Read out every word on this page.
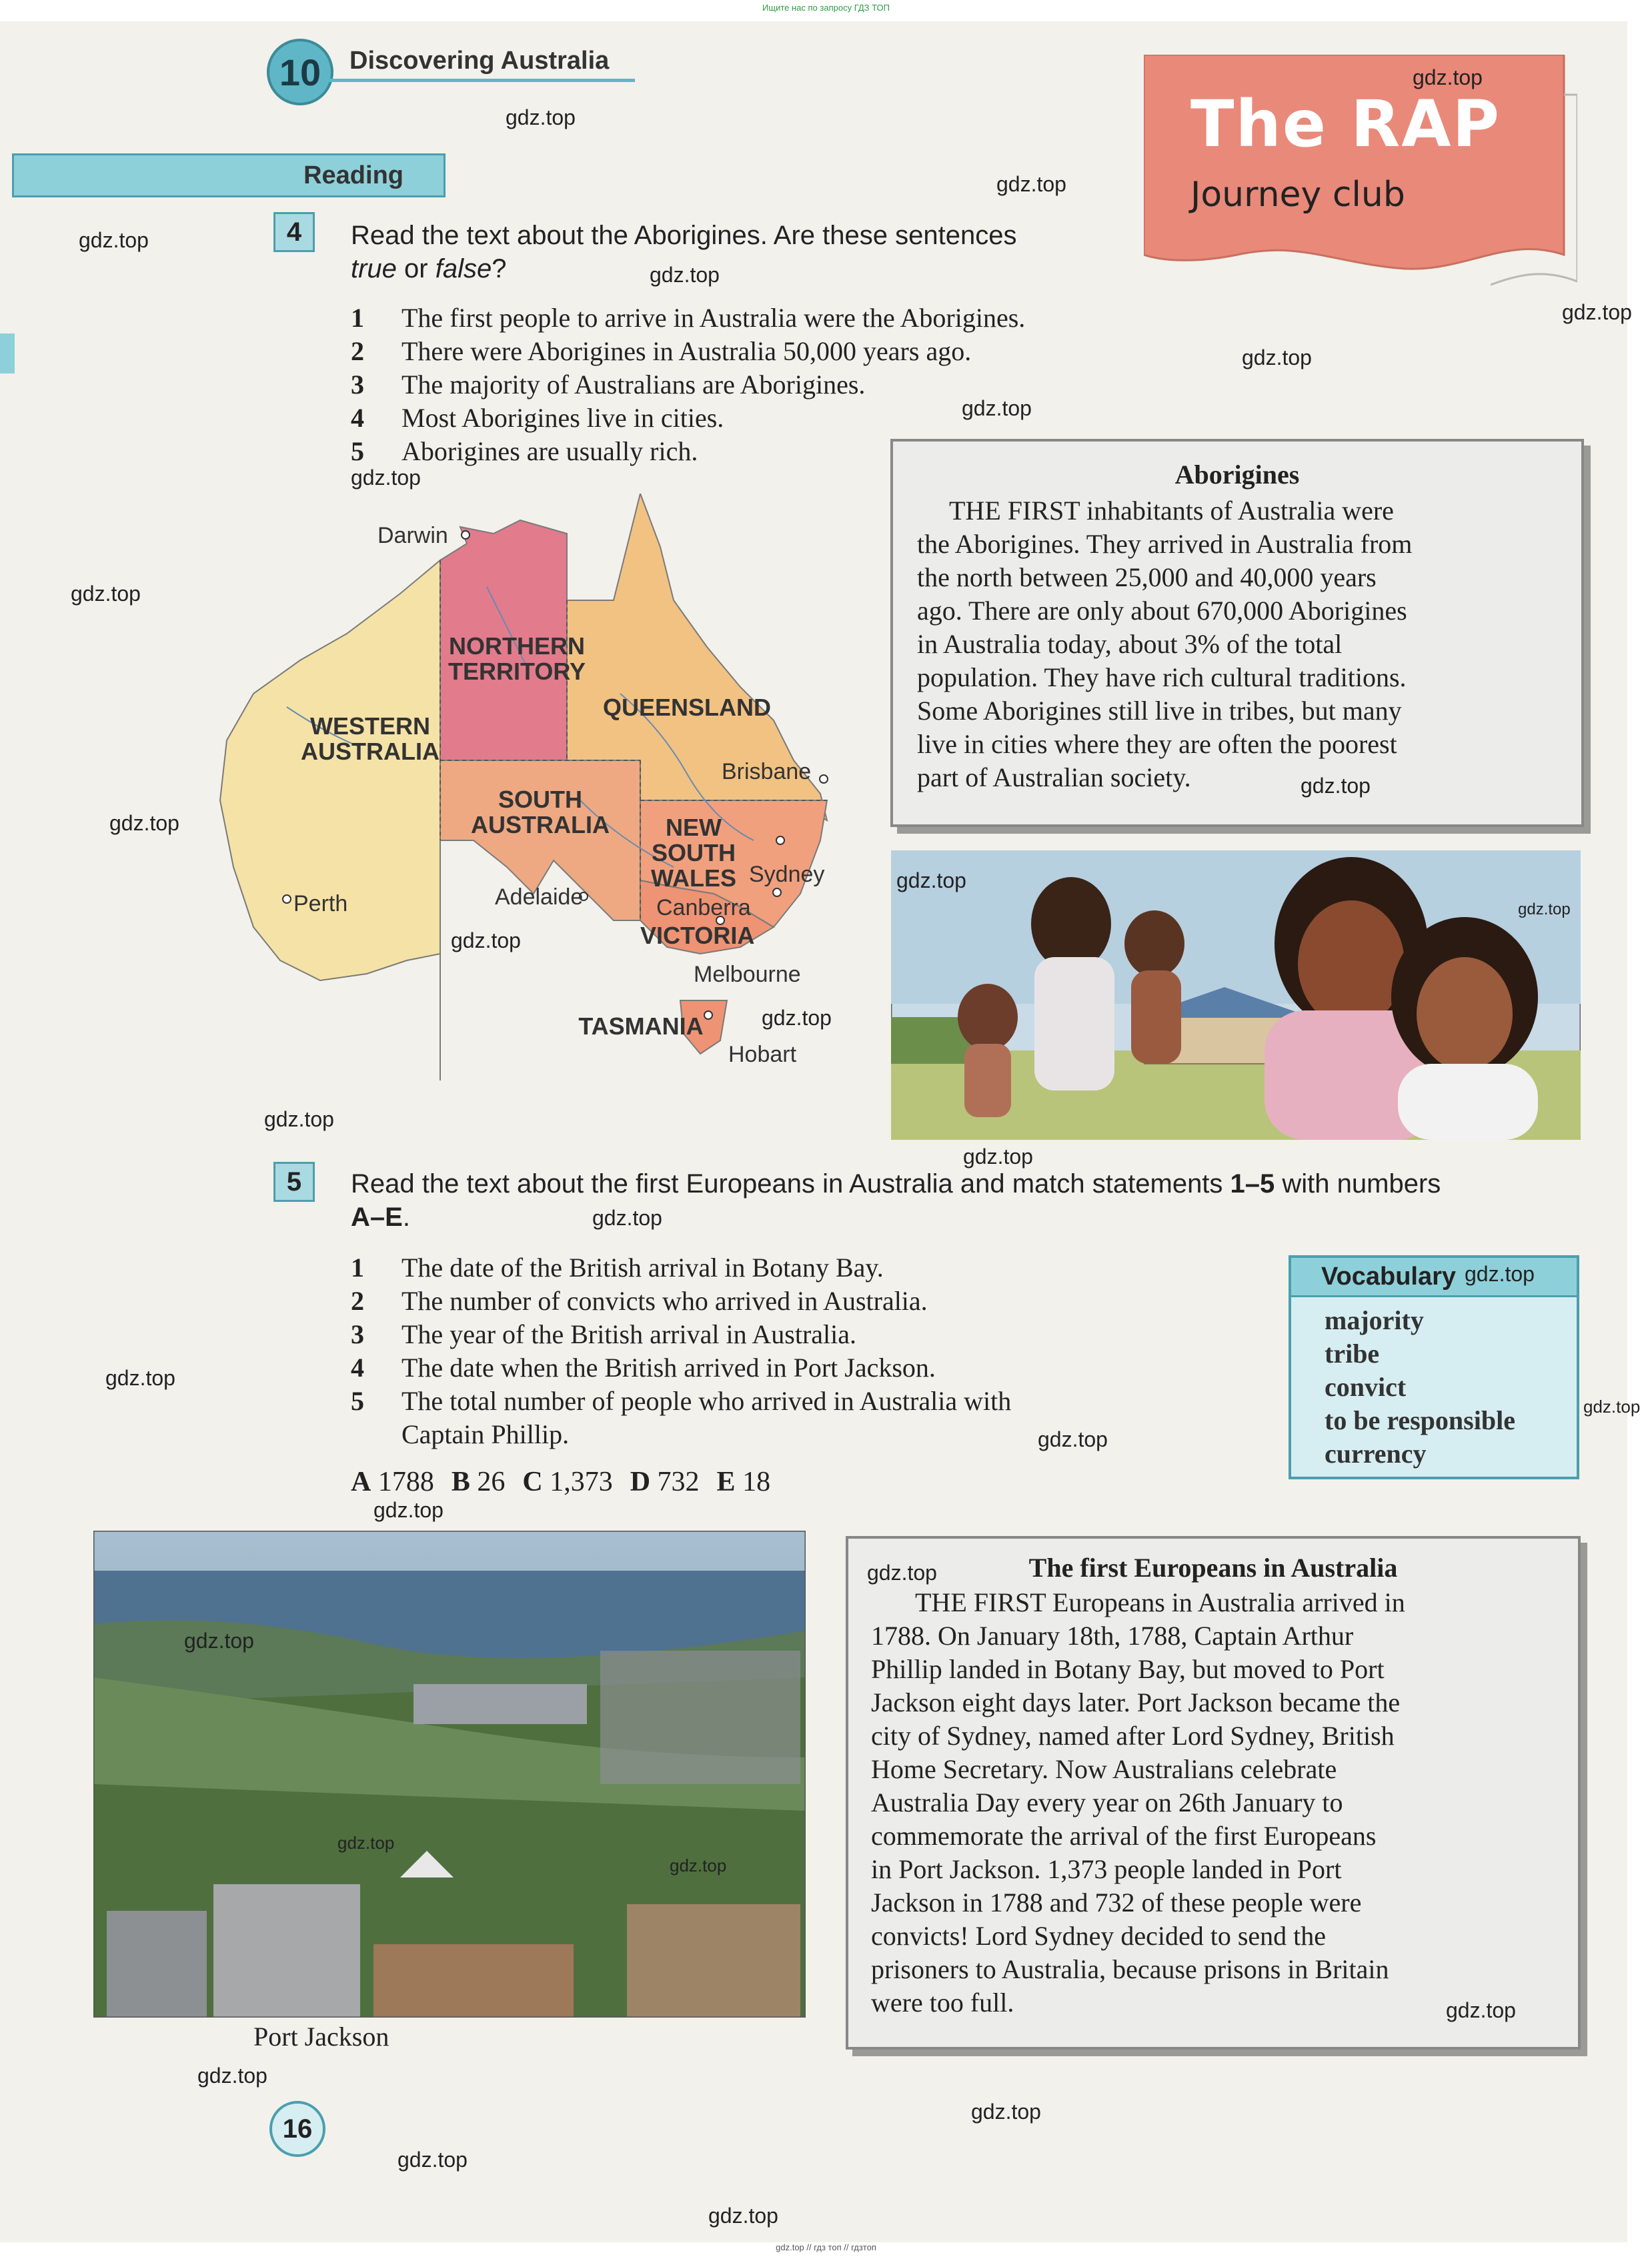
Ищите нас по запросу ГДЗ ТОП
10	Discovering Australia
Reading
The RAP
Journey club
4	Read the text about the Aborigines. Are these sentences
true or false?
1	The first people to arrive in Australia were the Aborigines.
2	There were Aborigines in Australia 50,000 years ago.
3	The majority of Australians are Aborigines.
4	Most Aborigines live in cities.
5	Aborigines are usually rich.
Aborigines
THE FIRST inhabitants of Australia were
the Aborigines. They arrived in Australia from
the north between 25,000 and 40,000 years
ago. There are only about 670,000 Aborigines
in Australia today, about 3% of the total
population. They have rich cultural traditions.
Some Aborigines still live in tribes, but many
live in cities where they are often the poorest
part of Australian society.
WESTERN
AUSTRALIA
NORTHERN
TERRITORY
QUEENSLAND
SOUTH
AUSTRALIA	NEW
SOUTH
WALES
VICTORIA
TASMANIA
Darwin
Brisbane
Sydney
Canberra
Adelaide
Perth
Melbourne
Hobart
5	Read the text about the first Europeans in Australia and match statements 1–5 with numbers
A–E.
1	The date of the British arrival in Botany Bay.
2	The number of convicts who arrived in Australia.
3	The year of the British arrival in Australia.
4	The date when the British arrived in Port Jackson.
5	The total number of people who arrived in Australia with
Captain Phillip.
A 1788 B 26 C 1,373 D 732 E 18
Vocabulary
majority
tribe
convict
to be responsible
currency
Port Jackson
The first Europeans in Australia
THE FIRST Europeans in Australia arrived in
1788. On January 18th, 1788, Captain Arthur
Phillip landed in Botany Bay, but moved to Port
Jackson eight days later. Port Jackson became the
city of Sydney, named after Lord Sydney, British
Home Secretary. Now Australians celebrate
Australia Day every year on 26th January to
commemorate the arrival of the first Europeans
in Port Jackson. 1,373 people landed in Port
Jackson in 1788 and 732 of these people were
convicts! Lord Sydney decided to send the
prisoners to Australia, because prisons in Britain
were too full.
16
gdz.top
gdz.top
gdz.top
gdz.top
gdz.top
gdz.top
gdz.top
gdz.top
gdz.top
gdz.top
gdz.top
gdz.top
gdz.top
gdz.top
gdz.top
gdz.top
gdz.top
gdz.top
gdz.top
gdz.top
gdz.top
gdz.top
gdz.top
gdz.top
gdz.top
gdz.top
gdz.top
gdz.top
gdz.top
gdz.top
gdz.top
gdz.top
gdz.top
gdz.top // гдз топ // гдзтоп
